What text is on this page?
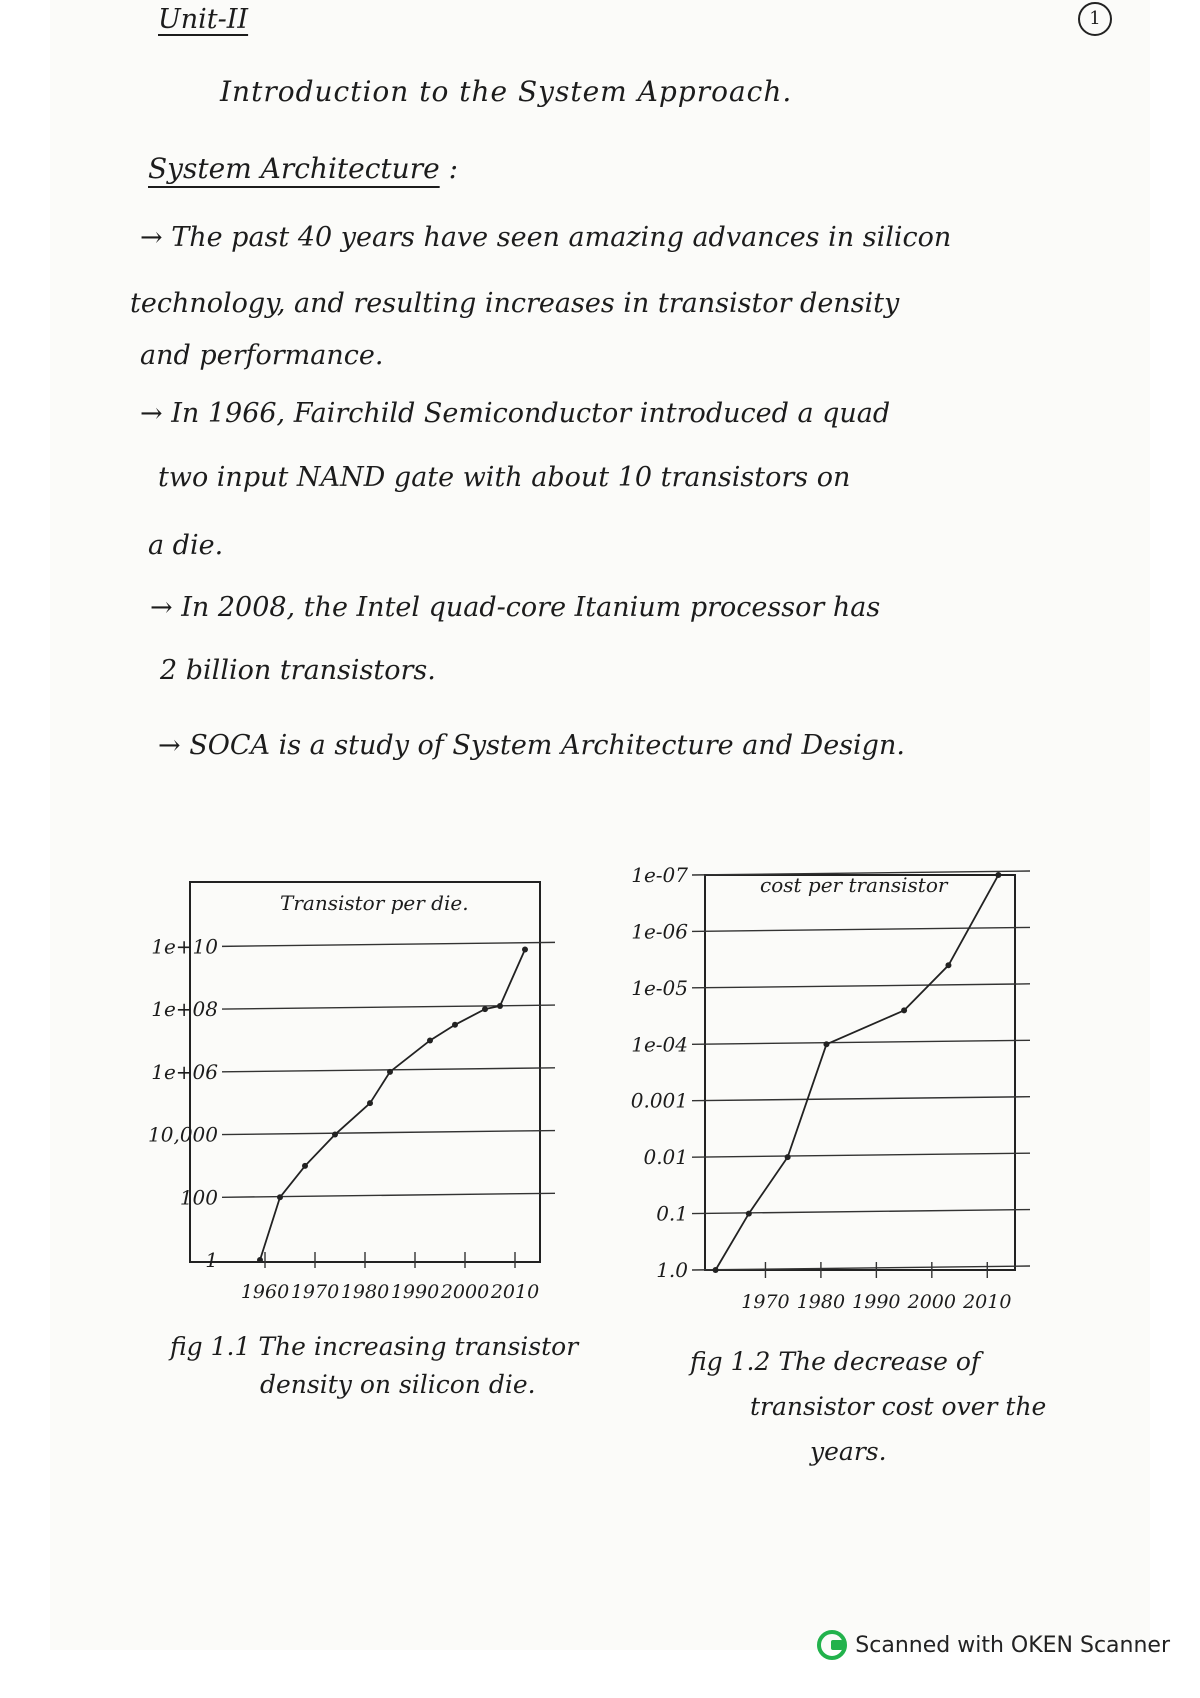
Unit-II	1
Introduction to the System Approach.
System Architecture :
→ The past 40 years have seen amazing advances in silicon
technology, and resulting increases in transistor density
and performance.
→ In 1966, Fairchild Semiconductor introduced a quad
two input NAND gate with about 10 transistors on
a die.
→ In 2008, the Intel quad-core Itanium processor has
2 billion transistors.
→ SOCA is a study of System Architecture and Design.
1
100
10,000
1e+06
1e+08
1e+10
1960 1970 1980 1990 2000 2010
Transistor per die.
fig 1.1 The increasing transistor
density on silicon die.
1.0
0.1
0.01
0.001
1e-04
1e-05
1e-06
1e-07
1970 1980 1990 2000 2010
cost per transistor
fig 1.2 The decrease of
transistor cost over the
years.
Scanned with OKEN Scanner
